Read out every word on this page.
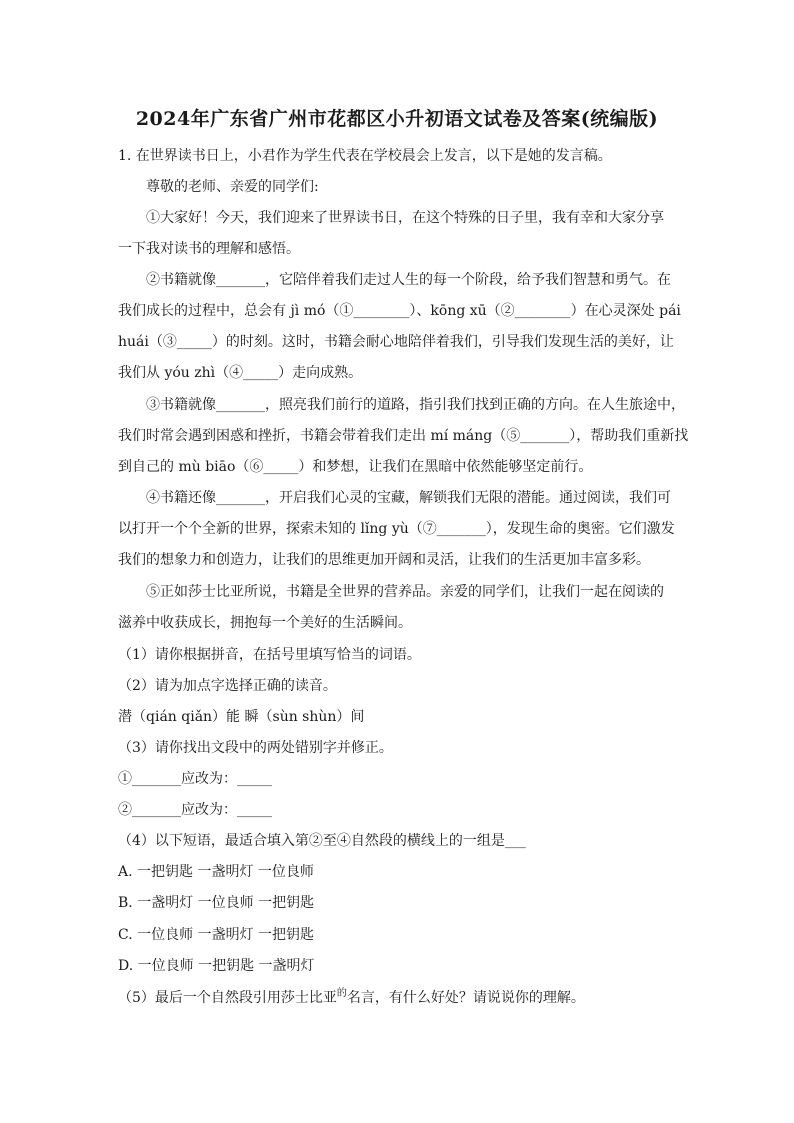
2024年广东省广州市花都区小升初语文试卷及答案(统编版)
1. 在世界读书日上，小君作为学生代表在学校晨会上发言，以下是她的发言稿。
尊敬的老师、亲爱的同学们:
①大家好！今天，我们迎来了世界读书日，在这个特殊的日子里，我有幸和大家分享
一下我对读书的理解和感悟。
②书籍就像_______，它陪伴着我们走过人生的每一个阶段，给予我们智慧和勇气。在
我们成长的过程中，总会有 jì mó（①________）、kōng xū（②________）在心灵深处 pái
huái（③_____）的时刻。这时，书籍会耐心地陪伴着我们，引导我们发现生活的美好，让
我们从 yóu zhì（④_____）走向成熟。
③书籍就像_______，照亮我们前行的道路，指引我们找到正确的方向。在人生旅途中，
我们时常会遇到困惑和挫折，书籍会带着我们走出 mí máng（⑤_______），帮助我们重新找
到自己的 mù biāo（⑥_____）和梦想，让我们在黑暗中依然能够坚定前行。
④书籍还像_______，开启我们心灵的宝藏，解锁我们无限的潜能。通过阅读，我们可
以打开一个个全新的世界，探索未知的 lǐng yù（⑦_______），发现生命的奥密。它们激发
我们的想象力和创造力，让我们的思维更加开阔和灵活，让我们的生活更加丰富多彩。
⑤正如莎士比亚所说，书籍是全世界的营养品。亲爱的同学们，让我们一起在阅读的
滋养中收获成长，拥抱每一个美好的生活瞬间。
（1）请你根据拼音，在括号里填写恰当的词语。
（2）请为加点字选择正确的读音。
潜（qián qiǎn）能 瞬（sùn shùn）间
（3）请你找出文段中的两处错别字并修正。
①_______应改为：_____
②_______应改为：_____
（4）以下短语，最适合填入第②至④自然段的横线上的一组是___
A. 一把钥匙 一盏明灯 一位良师
B. 一盏明灯 一位良师 一把钥匙
C. 一位良师 一盏明灯 一把钥匙
D. 一位良师 一把钥匙 一盏明灯
（5）最后一个自然段引用莎士比亚$^的$名言，有什么好处？请说说你的理解。
